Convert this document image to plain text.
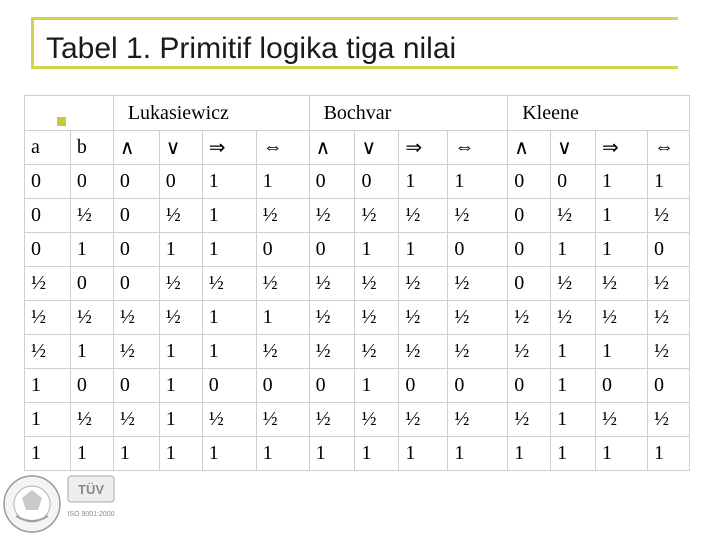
Tabel 1. Primitif logika tiga nilai
		Lukasiewicz				Bochvar				Kleene			
a	b	∧	∨	⇒	⇔	∧	∨	⇒	⇔	∧	∨	⇒	⇔
0	0	0	0	1	1	0	0	1	1	0	0	1	1
0	½	0	½	1	½	½	½	½	½	0	½	1	½
0	1	0	1	1	0	0	1	1	0	0	1	1	0
½	0	0	½	½	½	½	½	½	½	0	½	½	½
½	½	½	½	1	1	½	½	½	½	½	½	½	½
½	1	½	1	1	½	½	½	½	½	½	1	1	½
1	0	0	1	0	0	0	1	0	0	0	1	0	0
1	½	½	1	½	½	½	½	½	½	½	1	½	½
1	1	1	1	1	1	1	1	1	1	1	1	1	1
TÜV
ISO 9001:2000
